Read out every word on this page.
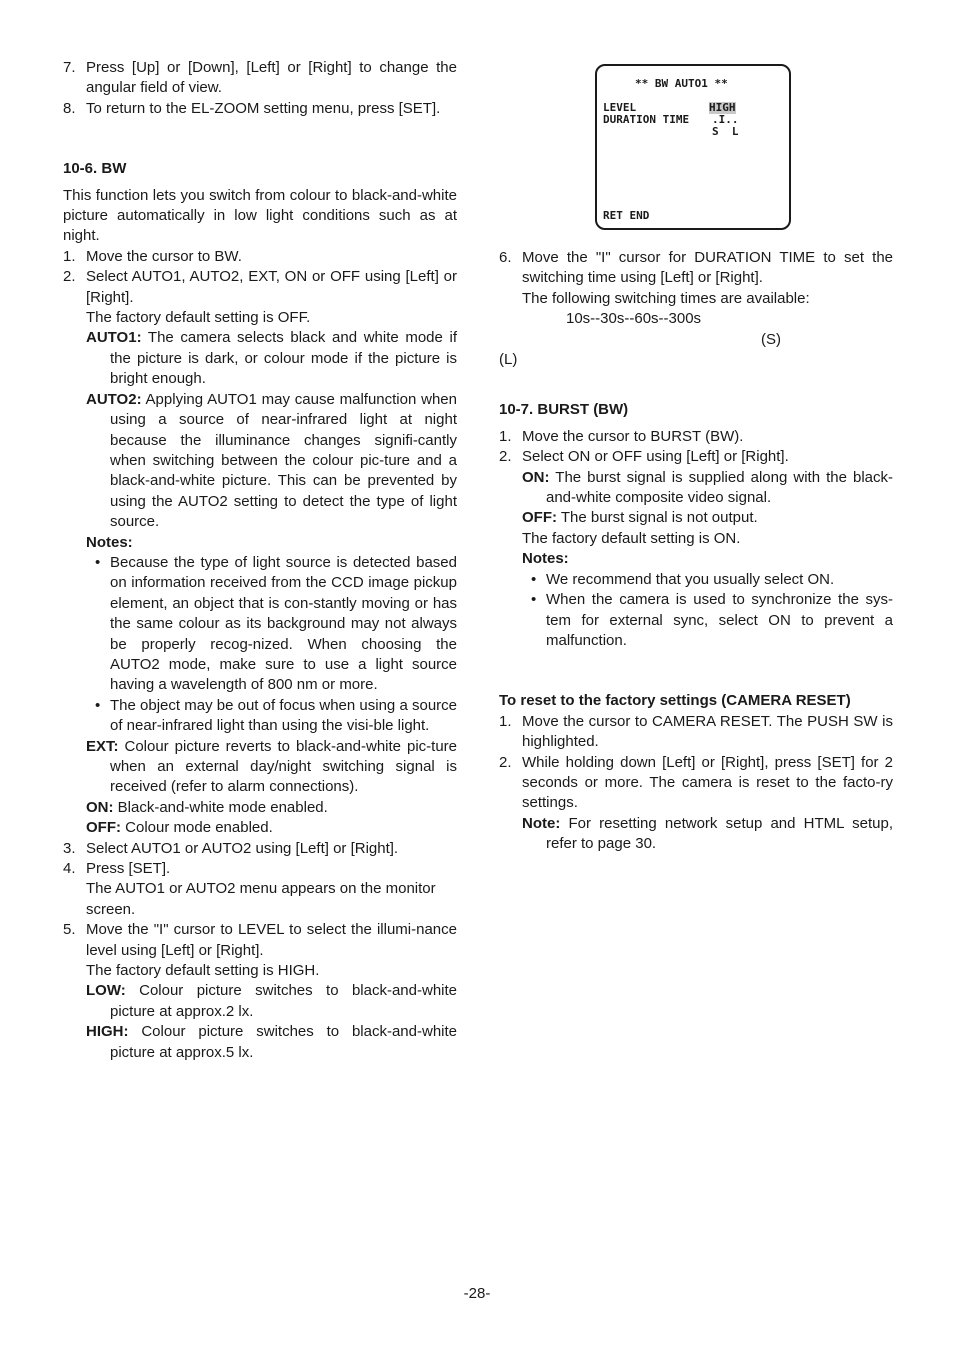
7. Press [Up] or [Down], [Left] or [Right] to change the angular field of view.
8. To return to the EL-ZOOM setting menu, press [SET].
10-6. BW

This function lets you switch from colour to black-and-white picture automatically in low light conditions such as at night.

1. Move the cursor to BW.
2. Select AUTO1, AUTO2, EXT, ON or OFF using [Left] or [Right].

The factory default setting is OFF.

AUTO1: The camera selects black and white mode if the picture is dark, or colour mode if the picture is bright enough.

AUTO2: Applying AUTO1 may cause malfunction when using a source of near-infrared light at night because the illuminance changes signifi-cantly when switching between the colour pic-ture and a black-and-white picture. This can be prevented by using the AUTO2 setting to detect the type of light source.

Notes:

• Because the type of light source is detected based on information received from the CCD image pickup element, an object that is con-stantly moving or has the same colour as its background may not always be properly recog-nized. When choosing the AUTO2 mode, make sure to use a light source having a wavelength of 800 nm or more.
• The object may be out of focus when using a source of near-infrared light than using the visi-ble light.

EXT: Colour picture reverts to black-and-white pic-ture when an external day/night switching signal is received (refer to alarm connections).

ON: Black-and-white mode enabled.

OFF: Colour mode enabled.

3. Select AUTO1 or AUTO2 using [Left] or [Right].
4. Press [SET].

The AUTO1 or AUTO2 menu appears on the monitor screen.

5. Move the "I" cursor to LEVEL to select the illumi-nance level using [Left] or [Right].

The factory default setting is HIGH.

LOW: Colour picture switches to black-and-white picture at approx.2 lx.

HIGH: Colour picture switches to black-and-white picture at approx.5 lx.

** BW AUTO1 **
LEVEL	HIGH
DURATION TIME .I..
S  L
RET END
6. Move the "I" cursor for DURATION TIME to set the switching time using [Left] or [Right].

The following switching times are available:

10s--30s--60s--300s

(S)

(L)

10-7. BURST (BW)
1. Move the cursor to BURST (BW).
2. Select ON or OFF using [Left] or [Right].

ON: The burst signal is supplied along with the black-and-white composite video signal.

OFF: The burst signal is not output.

The factory default setting is ON.

Notes:

• We recommend that you usually select ON.
• When the camera is used to synchronize the sys-tem for external sync, select ON to prevent a malfunction.
To reset to the factory settings (CAMERA RESET)
1. Move the cursor to CAMERA RESET. The PUSH SW is highlighted.
2. While holding down [Left] or [Right], press [SET] for 2 seconds or more. The camera is reset to the facto-ry settings.

Note: For resetting network setup and HTML setup, refer to page 30.

-28-
